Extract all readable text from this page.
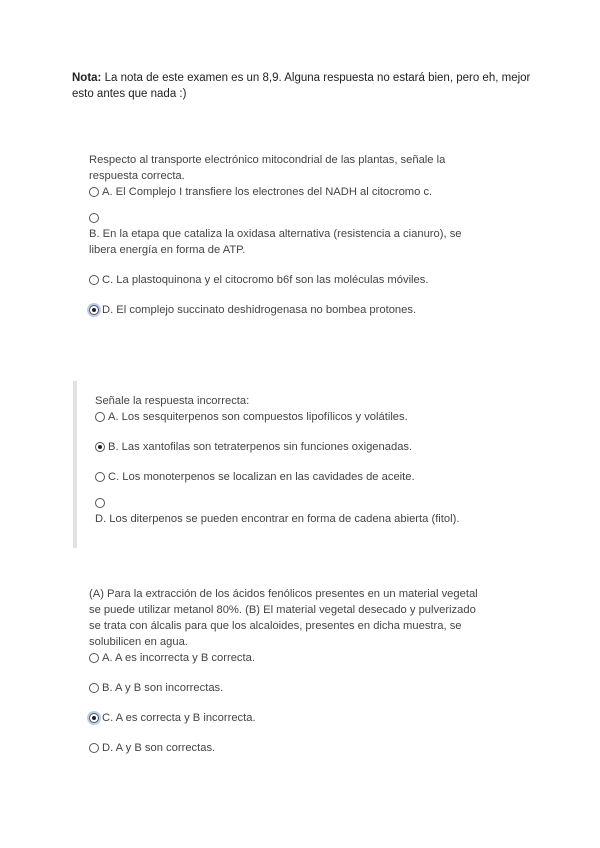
Nota: La nota de este examen es un 8,9. Alguna respuesta no estará bien, pero eh, mejor esto antes que nada :)

Respecto al transporte electrónico mitocondrial de las plantas, señale la respuesta correcta.

A. El Complejo I transfiere los electrones del NADH al citocromo c.
B. En la etapa que cataliza la oxidasa alternativa (resistencia a cianuro), se libera energía en forma de ATP.
C. La plastoquinona y el citocromo b6f son las moléculas móviles.
D. El complejo succinato deshidrogenasa no bombea protones.

Señale la respuesta incorrecta:

A. Los sesquiterpenos son compuestos lipofílicos y volátiles.
B. Las xantofilas son tetraterpenos sin funciones oxigenadas.
C. Los monoterpenos se localizan en las cavidades de aceite.
D. Los diterpenos se pueden encontrar en forma de cadena abierta (fitol).

(A) Para la extracción de los ácidos fenólicos presentes en un material vegetal se puede utilizar metanol 80%. (B) El material vegetal desecado y pulverizado se trata con álcalis para que los alcaloides, presentes en dicha muestra, se solubilicen en agua.

A. A es incorrecta y B correcta.
B. A y B son incorrectas.
C. A es correcta y B incorrecta.
D. A y B son correctas.
